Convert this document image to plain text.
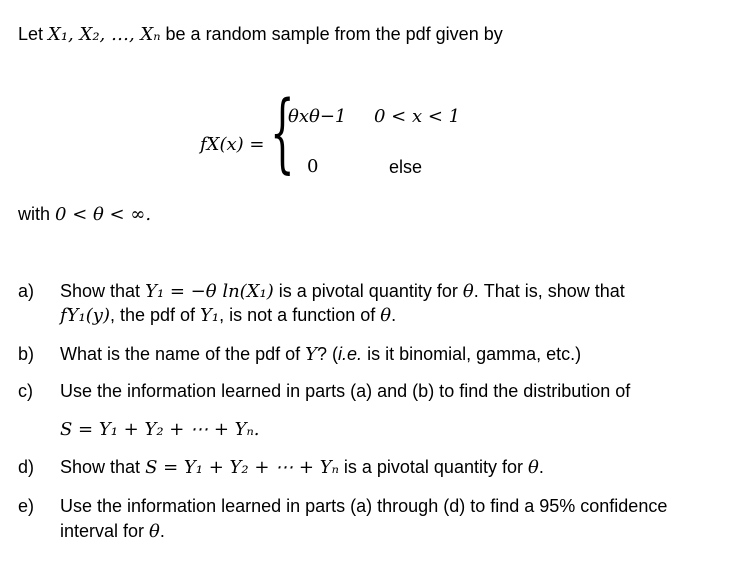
Let X₁, X₂, …, Xₙ be a random sample from the pdf given by
fX(x) = {
θxθ−1 0 < x < 1
0	else
with 0 < θ < ∞.
a) Show that Y₁ = −θ ln(X₁) is a pivotal quantity for θ. That is, show that
fY₁(y), the pdf of Y₁, is not a function of θ.
b) What is the name of the pdf of Y? (i.e. is it binomial, gamma, etc.)
c) Use the information learned in parts (a) and (b) to find the distribution of
S = Y₁ + Y₂ + ⋯ + Yₙ.
d) Show that S = Y₁ + Y₂ + ⋯ + Yₙ is a pivotal quantity for θ.
e) Use the information learned in parts (a) through (d) to find a 95% confidence
interval for θ.
